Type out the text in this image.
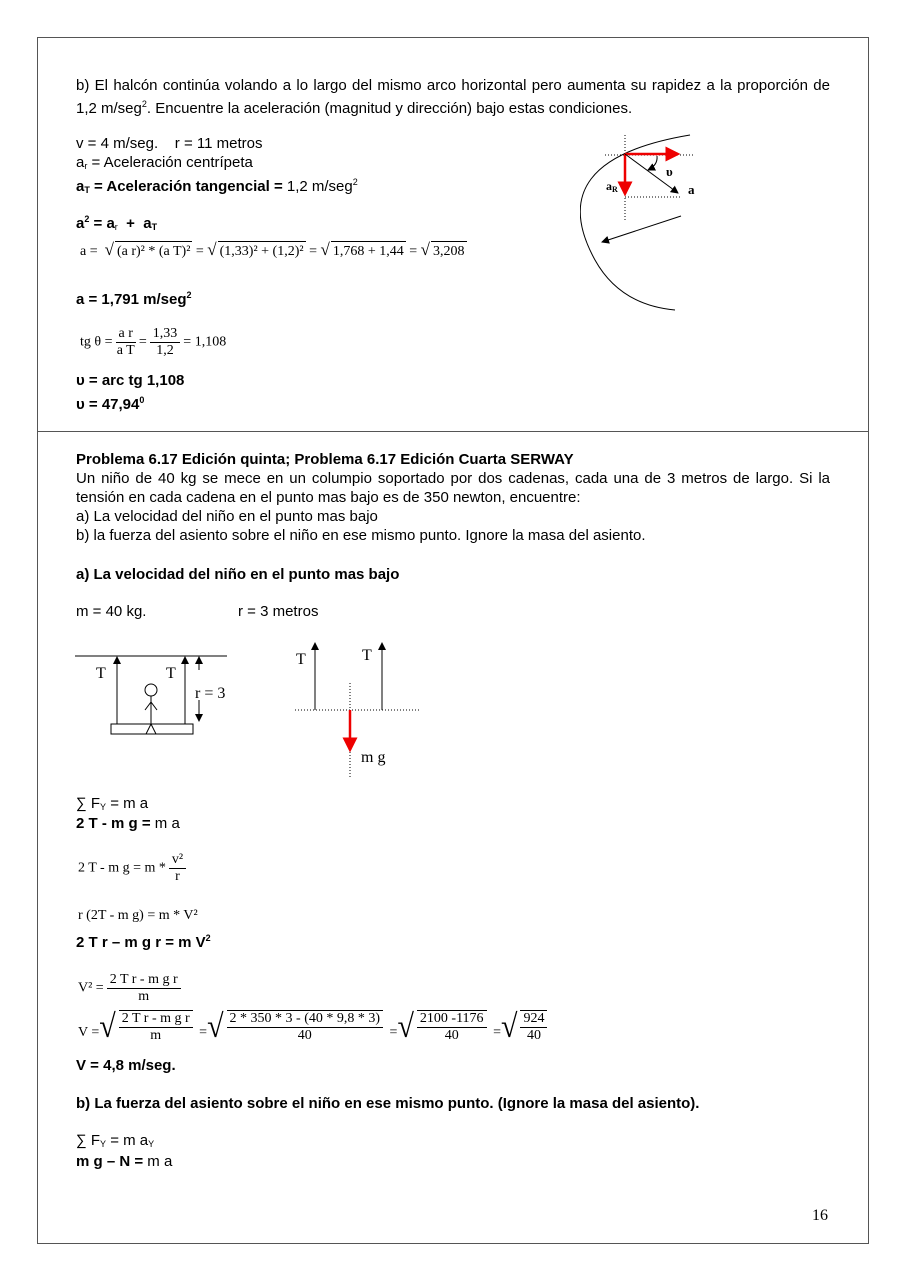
b) El halcón continúa volando a lo largo del mismo arco horizontal pero aumenta su rapidez a la proporción de 1,2 m/seg$^2$. Encuentre la aceleración (magnitud y dirección) bajo estas condiciones.
v = 4 m/seg. r = 11 metros
$a_r$ = Aceleración centrípeta
$a_T$ = Aceleración tangencial = 1,2 m/seg$^2$
$a^2 = a_r + a_T$
a = √ (a r)² * (a T)² = √ (1,33)² + (1,2)² = √ 1,768 + 1,44 = √ 3,208
a = 1,791 m/seg$^2$
tg $\theta = \frac{\text{a r}}{\text{a T}} = \frac{1,33}{1,2} = 1,108$
υ = arc tg 1,108
$\upsilon = 47,94^0$
υ
a
aR
Problema 6.17 Edición quinta; Problema 6.17 Edición Cuarta SERWAY
Un niño de 40 kg se mece en un columpio soportado por dos cadenas, cada una de 3 metros de largo. Si la tensión en cada cadena en el punto mas bajo es de 350 newton, encuentre:
a) La velocidad del niño en el punto mas bajo
b) la fuerza del asiento sobre el niño en ese mismo punto. Ignore la masa del asiento.
a) La velocidad del niño en el punto mas bajo
m = 40 kg.	r = 3 metros
T	T
r = 3
T	T
m g
∑ $F_Y = m$ a
2 T - m g = m a
2 T - m $g = m * \frac{\text{v²}}{r}$
r (2T - m g) = m * V²
2 T r – m g r = m $V^2$
$V^2 = \frac{\text{2 T r - m g r}}{m}$
V = √ $\frac{\text{2 T r - m g r}}{m}$ = √ $\frac{2 * 350 * 3 - (40 * 9,8 * 3)}{40}$ = √ $\frac{2100 -1176}{40}$ = √ $\frac{924}{40}$
V = 4,8 m/seg.
b) La fuerza del asiento sobre el niño en ese mismo punto. (Ignore la masa del asiento).
∑ $F_Y = m$ $a_Y$
m g – N = m a
16
